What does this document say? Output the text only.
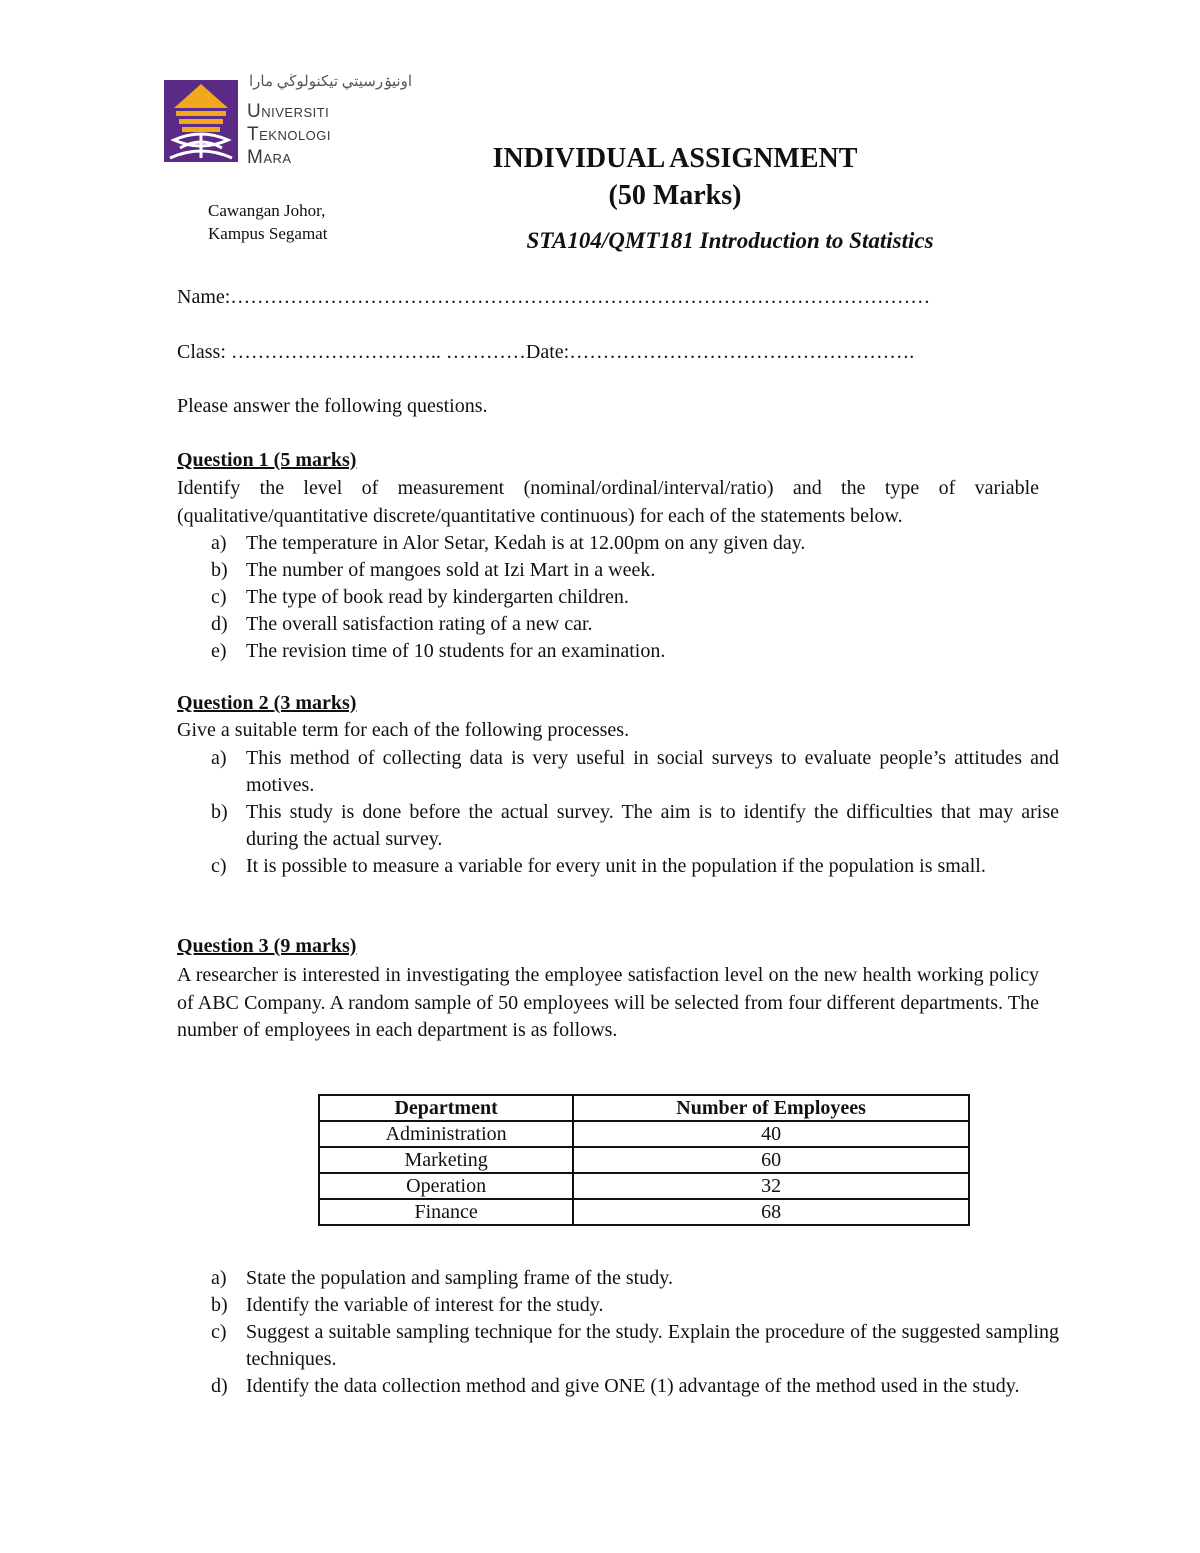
اونيۏرسيتي تيكنولوڬي مارا
Universiti
Teknologi
Mara
Cawangan Johor,
Kampus Segamat
INDIVIDUAL ASSIGNMENT
(50 Marks)
STA104/QMT181 Introduction to Statistics
Name:……………………………………………………………………………………………
Class: ………………………….. …………Date:…………………………………………….
Please answer the following questions.
Question 1 (5 marks)
Identify the level of measurement (nominal/ordinal/interval/ratio) and the type of variable (qualitative/quantitative discrete/quantitative continuous) for each of the statements below.
a) The temperature in Alor Setar, Kedah is at 12.00pm on any given day.
b) The number of mangoes sold at Izi Mart in a week.
c) The type of book read by kindergarten children.
d) The overall satisfaction rating of a new car.
e) The revision time of 10 students for an examination.
Question 2 (3 marks)
Give a suitable term for each of the following processes.
a) This method of collecting data is very useful in social surveys to evaluate people’s attitudes and motives.
b) This study is done before the actual survey. The aim is to identify the difficulties that may arise during the actual survey.
c) It is possible to measure a variable for every unit in the population if the population is small.
Question 3 (9 marks)
A researcher is interested in investigating the employee satisfaction level on the new health working policy of ABC Company. A random sample of 50 employees will be selected from four different departments. The number of employees in each department is as follows.
Department	Number of Employees
Administration	40
Marketing	60
Operation	32
Finance	68
a) State the population and sampling frame of the study.
b) Identify the variable of interest for the study.
c) Suggest a suitable sampling technique for the study. Explain the procedure of the suggested sampling techniques.
d) Identify the data collection method and give ONE (1) advantage of the method used in the study.
